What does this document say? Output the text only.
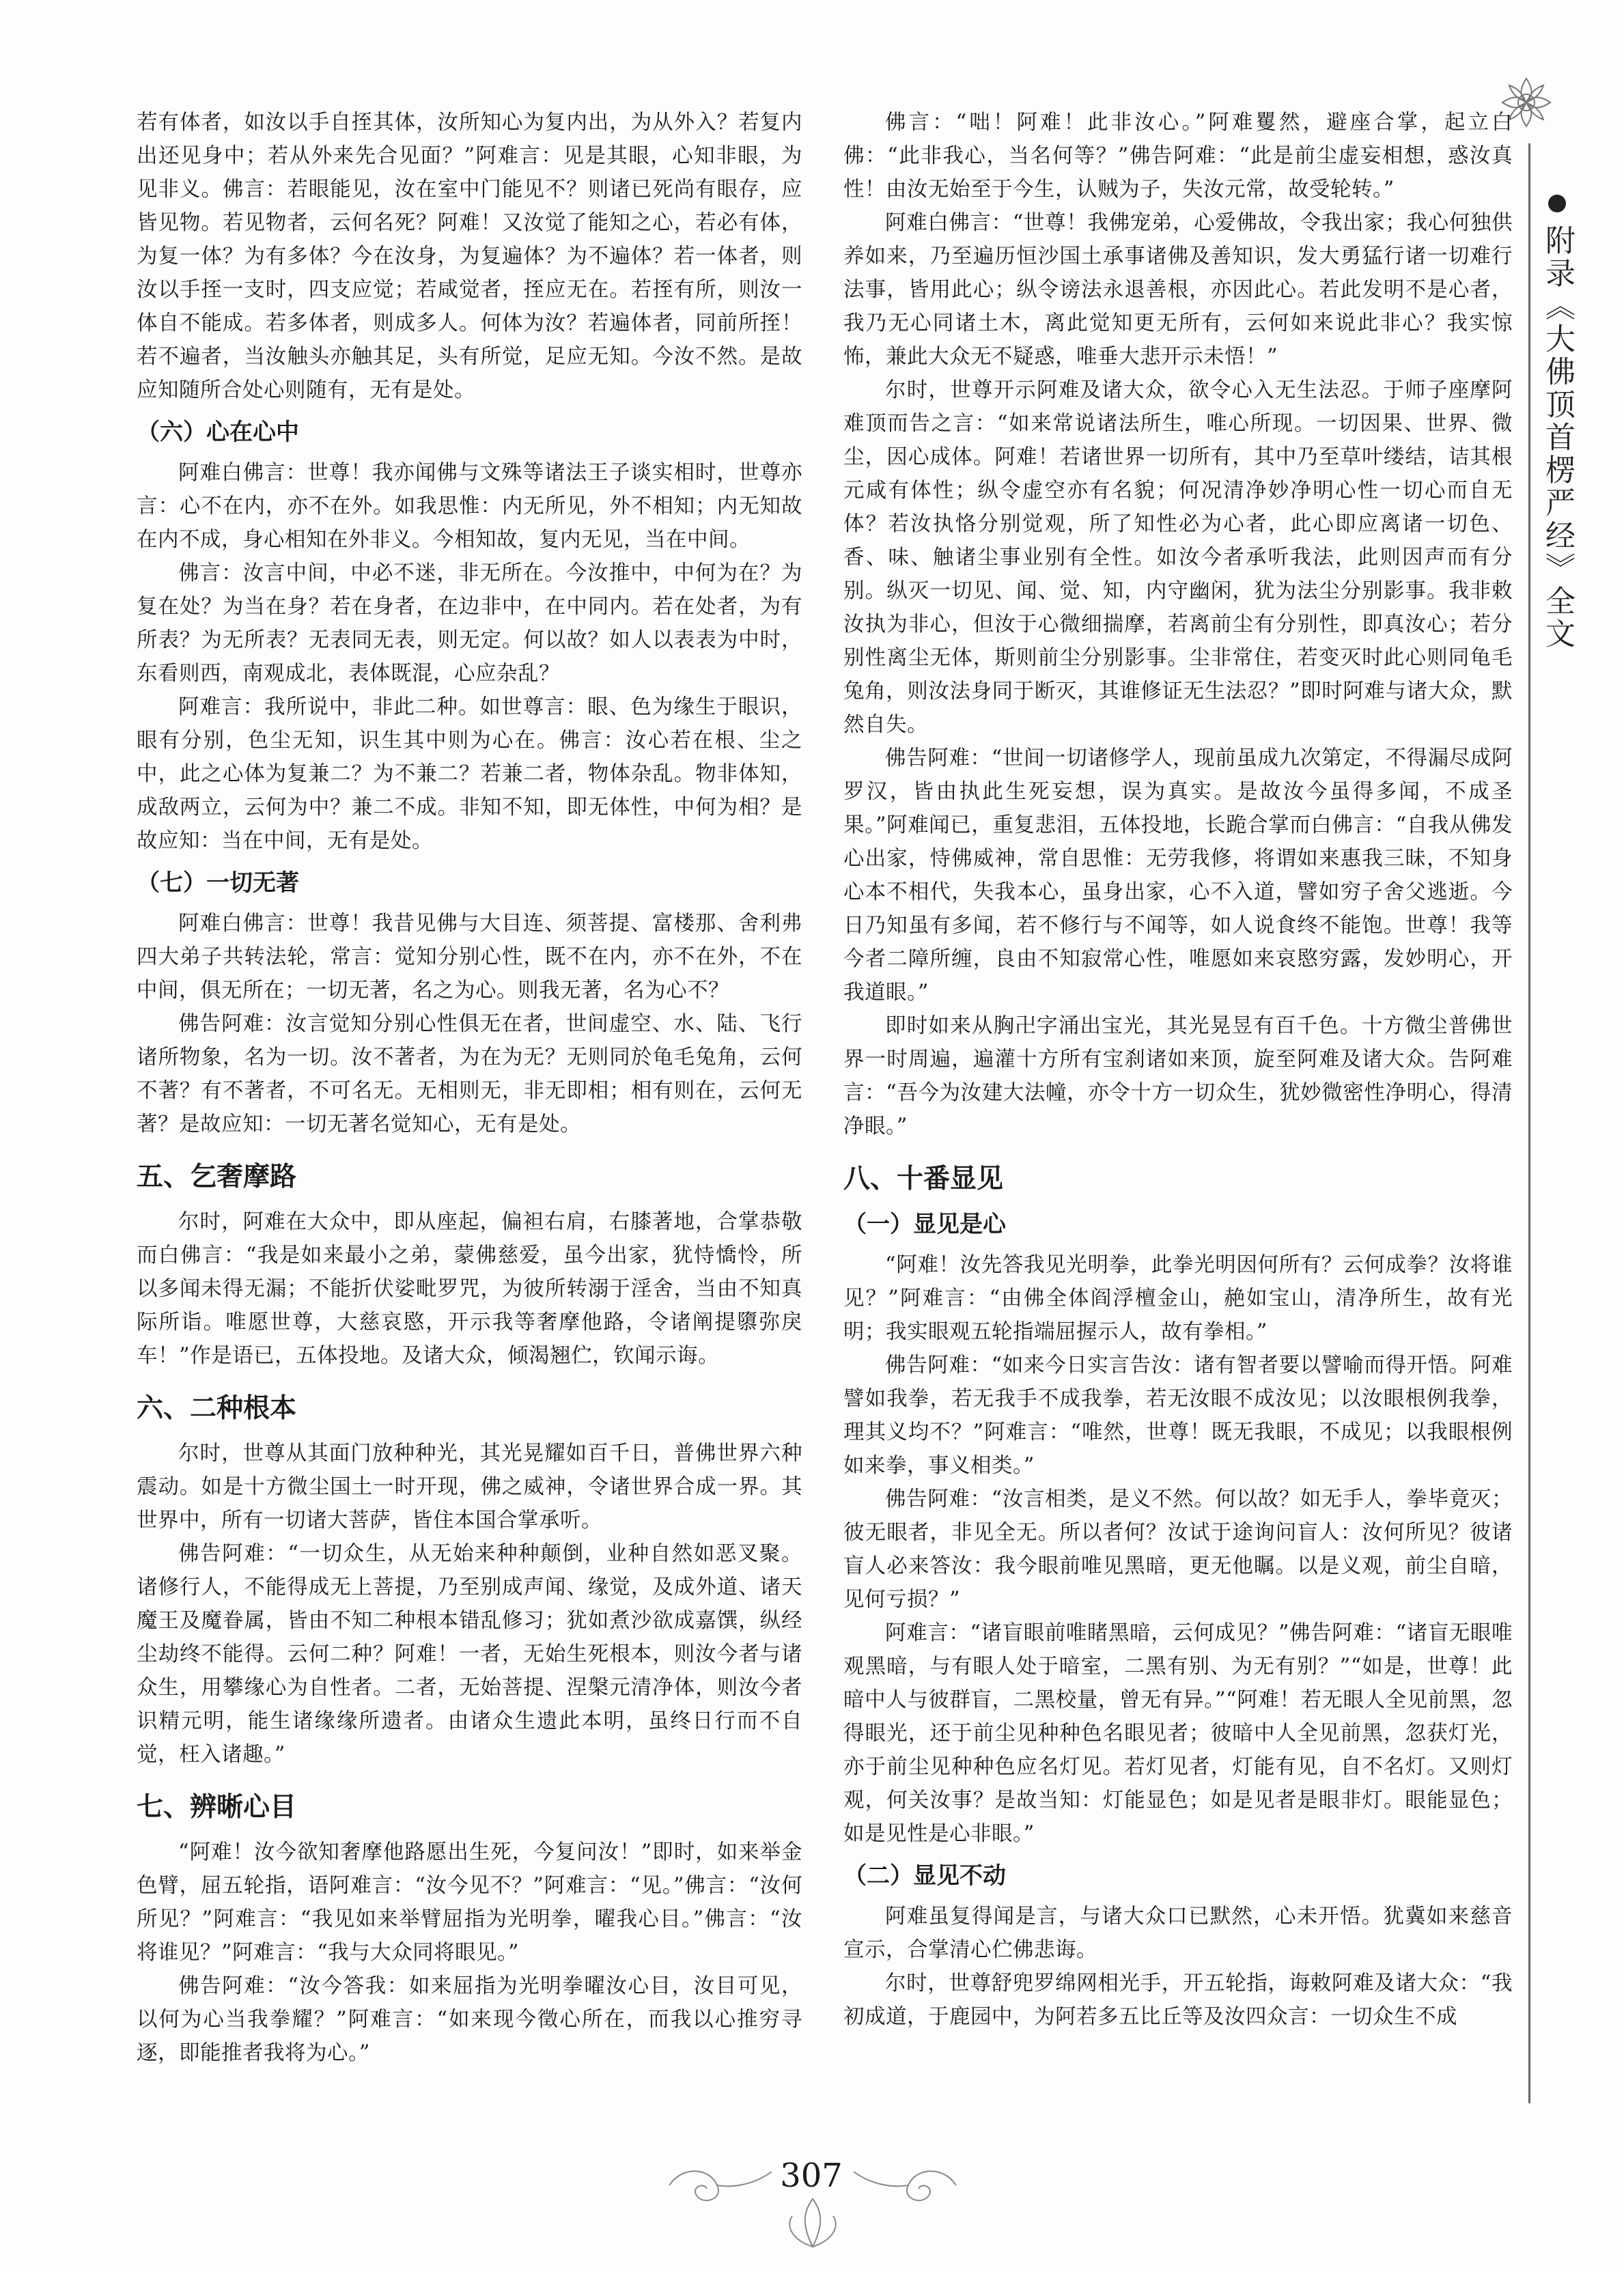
若有体者，如汝以手自挃其体，汝所知心为复内出，为从外入？若复内出还见身中；若从外来先合见面？”阿难言：见是其眼，心知非眼，为见非义。佛言：若眼能见，汝在室中门能见不？则诸已死尚有眼存，应皆见物。若见物者，云何名死？阿难！又汝觉了能知之心，若必有体，为复一体？为有多体？今在汝身，为复遍体？为不遍体？若一体者，则汝以手挃一支时，四支应觉；若咸觉者，挃应无在。若挃有所，则汝一体自不能成。若多体者，则成多人。何体为汝？若遍体者，同前所挃！若不遍者，当汝触头亦触其足，头有所觉，足应无知。今汝不然。是故应知随所合处心则随有，无有是处。
（六）心在心中
阿难白佛言：世尊！我亦闻佛与文殊等诸法王子谈实相时，世尊亦言：心不在内，亦不在外。如我思惟：内无所见，外不相知；内无知故在内不成，身心相知在外非义。今相知故，复内无见，当在中间。
佛言：汝言中间，中必不迷，非无所在。今汝推中，中何为在？为复在处？为当在身？若在身者，在边非中，在中同内。若在处者，为有所表？为无所表？无表同无表，则无定。何以故？如人以表表为中时，东看则西，南观成北，表体既混，心应杂乱？
阿难言：我所说中，非此二种。如世尊言：眼、色为缘生于眼识，眼有分别，色尘无知，识生其中则为心在。佛言：汝心若在根、尘之中，此之心体为复兼二？为不兼二？若兼二者，物体杂乱。物非体知，成敌两立，云何为中？兼二不成。非知不知，即无体性，中何为相？是故应知：当在中间，无有是处。
（七）一切无著
阿难白佛言：世尊！我昔见佛与大目连、须菩提、富楼那、舍利弗四大弟子共转法轮，常言：觉知分别心性，既不在内，亦不在外，不在中间，俱无所在；一切无著，名之为心。则我无著，名为心不？
佛告阿难：汝言觉知分别心性俱无在者，世间虚空、水、陆、飞行诸所物象，名为一切。汝不著者，为在为无？无则同於龟毛兔角，云何不著？有不著者，不可名无。无相则无，非无即相；相有则在，云何无著？是故应知：一切无著名觉知心，无有是处。
五、乞奢摩路
尔时，阿难在大众中，即从座起，偏袒右肩，右膝著地，合掌恭敬而白佛言：“我是如来最小之弟，蒙佛慈爱，虽今出家，犹恃憍怜，所以多闻未得无漏；不能折伏娑毗罗咒，为彼所转溺于淫舍，当由不知真际所诣。唯愿世尊，大慈哀愍，开示我等奢摩他路，令诸阐提隳弥戾车！”作是语已，五体投地。及诸大众，倾渴翘伫，钦闻示诲。
六、二种根本
尔时，世尊从其面门放种种光，其光晃耀如百千日，普佛世界六种震动。如是十方微尘国土一时开现，佛之威神，令诸世界合成一界。其世界中，所有一切诸大菩萨，皆住本国合掌承听。
佛告阿难：“一切众生，从无始来种种颠倒，业种自然如恶叉聚。诸修行人，不能得成无上菩提，乃至别成声闻、缘觉，及成外道、诸天魔王及魔眷属，皆由不知二种根本错乱修习；犹如煮沙欲成嘉馔，纵经尘劫终不能得。云何二种？阿难！一者，无始生死根本，则汝今者与诸众生，用攀缘心为自性者。二者，无始菩提、涅槃元清净体，则汝今者识精元明，能生诸缘缘所遗者。由诸众生遗此本明，虽终日行而不自觉，枉入诸趣。”
七、辨晰心目
“阿难！汝今欲知奢摩他路愿出生死，今复问汝！”即时，如来举金色臂，屈五轮指，语阿难言：“汝今见不？”阿难言：“见。”佛言：“汝何所见？”阿难言：“我见如来举臂屈指为光明拳，曜我心目。”佛言：“汝将谁见？”阿难言：“我与大众同将眼见。”
佛告阿难：“汝今答我：如来屈指为光明拳曜汝心目，汝目可见，以何为心当我拳耀？”阿难言：“如来现今徵心所在，而我以心推穷寻逐，即能推者我将为心。”
佛言：“咄！阿难！此非汝心。”阿难矍然，避座合掌，起立白佛：“此非我心，当名何等？”佛告阿难：“此是前尘虚妄相想，惑汝真性！由汝无始至于今生，认贼为子，失汝元常，故受轮转。”
阿难白佛言：“世尊！我佛宠弟，心爱佛故，令我出家；我心何独供养如来，乃至遍历恒沙国土承事诸佛及善知识，发大勇猛行诸一切难行法事，皆用此心；纵令谤法永退善根，亦因此心。若此发明不是心者，我乃无心同诸土木，离此觉知更无所有，云何如来说此非心？我实惊怖，兼此大众无不疑惑，唯垂大悲开示未悟！”
尔时，世尊开示阿难及诸大众，欲令心入无生法忍。于师子座摩阿难顶而告之言：“如来常说诸法所生，唯心所现。一切因果、世界、微尘，因心成体。阿难！若诸世界一切所有，其中乃至草叶缕结，诘其根元咸有体性；纵令虚空亦有名貌；何况清净妙净明心性一切心而自无体？若汝执恪分别觉观，所了知性必为心者，此心即应离诸一切色、香、味、触诸尘事业别有全性。如汝今者承听我法，此则因声而有分别。纵灭一切见、闻、觉、知，内守幽闲，犹为法尘分别影事。我非敕汝执为非心，但汝于心微细揣摩，若离前尘有分别性，即真汝心；若分别性离尘无体，斯则前尘分别影事。尘非常住，若变灭时此心则同龟毛兔角，则汝法身同于断灭，其谁修证无生法忍？”即时阿难与诸大众，默然自失。
佛告阿难：“世间一切诸修学人，现前虽成九次第定，不得漏尽成阿罗汉，皆由执此生死妄想，误为真实。是故汝今虽得多闻，不成圣果。”阿难闻已，重复悲泪，五体投地，长跪合掌而白佛言：“自我从佛发心出家，恃佛威神，常自思惟：无劳我修，将谓如来惠我三昧，不知身心本不相代，失我本心，虽身出家，心不入道，譬如穷子舍父逃逝。今日乃知虽有多闻，若不修行与不闻等，如人说食终不能饱。世尊！我等今者二障所缠，良由不知寂常心性，唯愿如来哀愍穷露，发妙明心，开我道眼。”
即时如来从胸卍字涌出宝光，其光晃昱有百千色。十方微尘普佛世界一时周遍，遍灌十方所有宝刹诸如来顶，旋至阿难及诸大众。告阿难言：“吾今为汝建大法幢，亦令十方一切众生，犹妙微密性净明心，得清净眼。”
八、十番显见
（一）显见是心
“阿难！汝先答我见光明拳，此拳光明因何所有？云何成拳？汝将谁见？”阿难言：“由佛全体阎浮檀金山，赩如宝山，清净所生，故有光明；我实眼观五轮指端屈握示人，故有拳相。”
佛告阿难：“如来今日实言告汝：诸有智者要以譬喻而得开悟。阿难譬如我拳，若无我手不成我拳，若无汝眼不成汝见；以汝眼根例我拳，理其义均不？”阿难言：“唯然，世尊！既无我眼，不成见；以我眼根例如来拳，事义相类。”
佛告阿难：“汝言相类，是义不然。何以故？如无手人，拳毕竟灭；彼无眼者，非见全无。所以者何？汝试于途询问盲人：汝何所见？彼诸盲人必来答汝：我今眼前唯见黑暗，更无他瞩。以是义观，前尘自暗，见何亏损？”
阿难言：“诸盲眼前唯睹黑暗，云何成见？”佛告阿难：“诸盲无眼唯观黑暗，与有眼人处于暗室，二黑有别、为无有别？”“如是，世尊！此暗中人与彼群盲，二黑校量，曾无有异。”“阿难！若无眼人全见前黑，忽得眼光，还于前尘见种种色名眼见者；彼暗中人全见前黑，忽获灯光，亦于前尘见种种色应名灯见。若灯见者，灯能有见，自不名灯。又则灯观，何关汝事？是故当知：灯能显色；如是见者是眼非灯。眼能显色；如是见性是心非眼。”
（二）显见不动
阿难虽复得闻是言，与诸大众口已默然，心未开悟。犹冀如来慈音宣示，合掌清心伫佛悲诲。
尔时，世尊舒兜罗绵网相光手，开五轮指，诲敕阿难及诸大众：“我初成道，于鹿园中，为阿若多五比丘等及汝四众言：一切众生不成
附录《大佛顶首楞严经》全文
307
